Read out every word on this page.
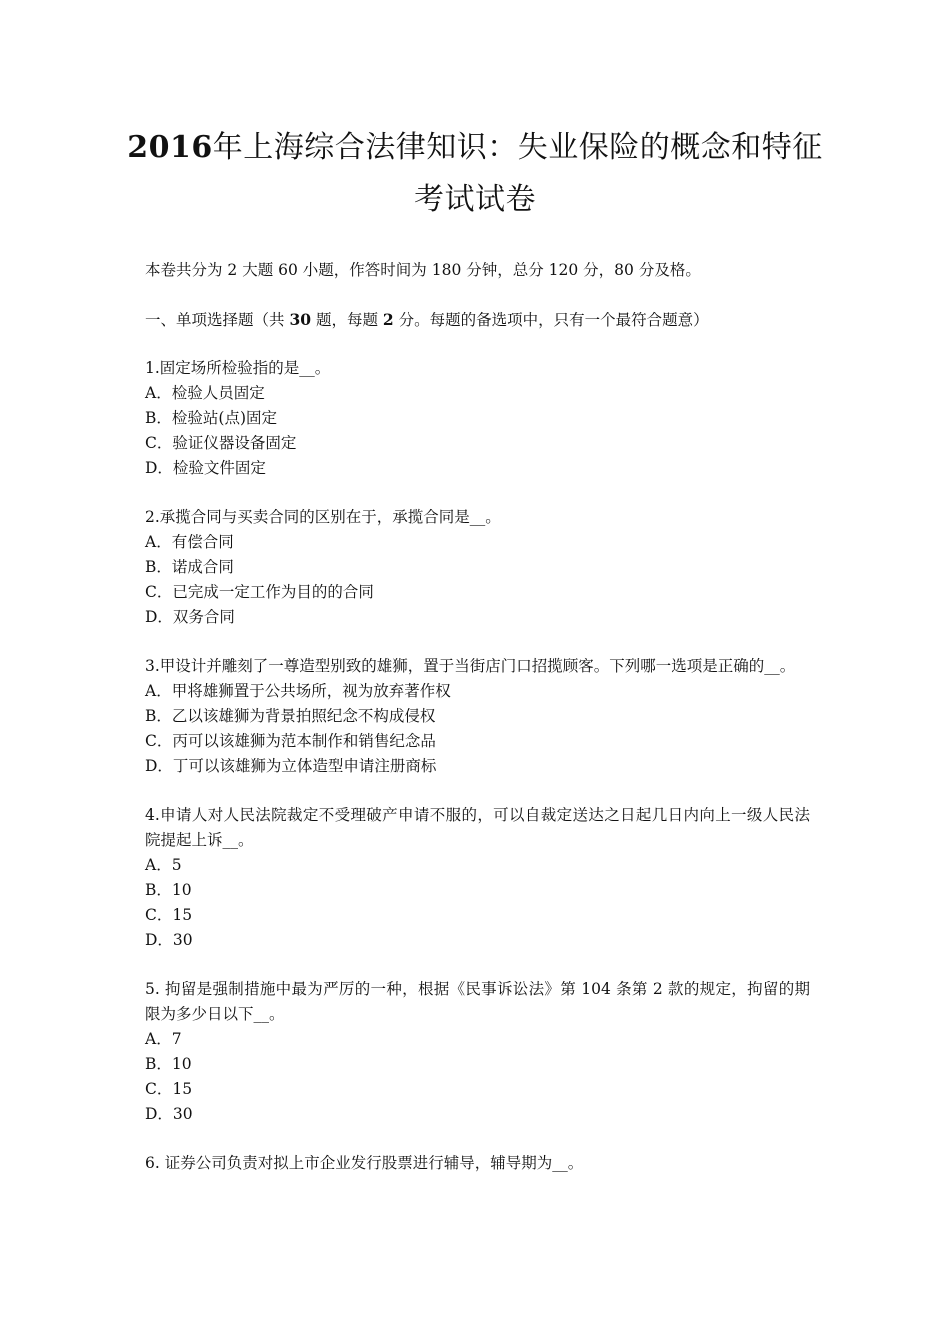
2016年上海综合法律知识：失业保险的概念和特征
考试试卷

本卷共分为 2 大题 60 小题，作答时间为 180 分钟，总分 120 分，80 分及格。

一、单项选择题（共 30 题，每题 2 分。每题的备选项中，只有一个最符合题意）

1.固定场所检验指的是__。

A．检验人员固定

B．检验站(点)固定

C．验证仪器设备固定

D．检验文件固定

2.承揽合同与买卖合同的区别在于，承揽合同是__。

A．有偿合同

B．诺成合同

C．已完成一定工作为目的的合同

D．双务合同

3.甲设计并雕刻了一尊造型别致的雄狮，置于当街店门口招揽顾客。下列哪一选项是正确的__。

A．甲将雄狮置于公共场所，视为放弃著作权

B．乙以该雄狮为背景拍照纪念不构成侵权

C．丙可以该雄狮为范本制作和销售纪念品

D．丁可以该雄狮为立体造型申请注册商标

4.申请人对人民法院裁定不受理破产申请不服的，可以自裁定送达之日起几日内向上一级人民法院提起上诉__。

A．5

B．10

C．15

D．30

5. 拘留是强制措施中最为严厉的一种，根据《民事诉讼法》第 104 条第 2 款的规定，拘留的期限为多少日以下__。

A．7

B．10

C．15

D．30

6. 证券公司负责对拟上市企业发行股票进行辅导，辅导期为__。
